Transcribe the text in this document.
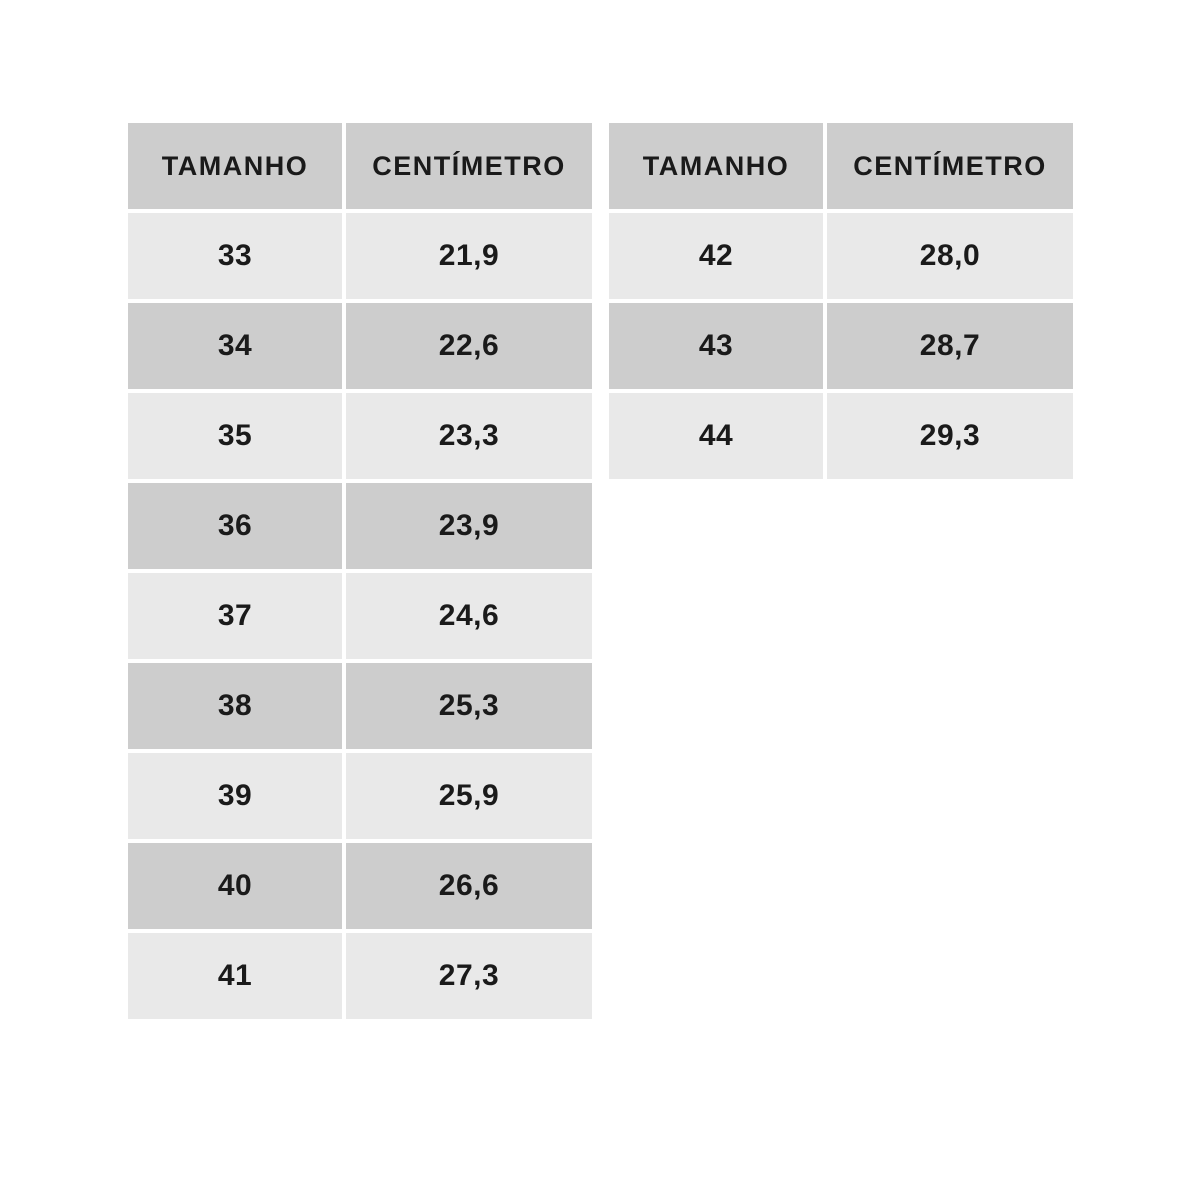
TAMANHO	CENTÍMETRO
33	21,9
34	22,6
35	23,3
36	23,9
37	24,6
38	25,3
39	25,9
40	26,6
41	27,3
TAMANHO	CENTÍMETRO
42	28,0
43	28,7
44	29,3
